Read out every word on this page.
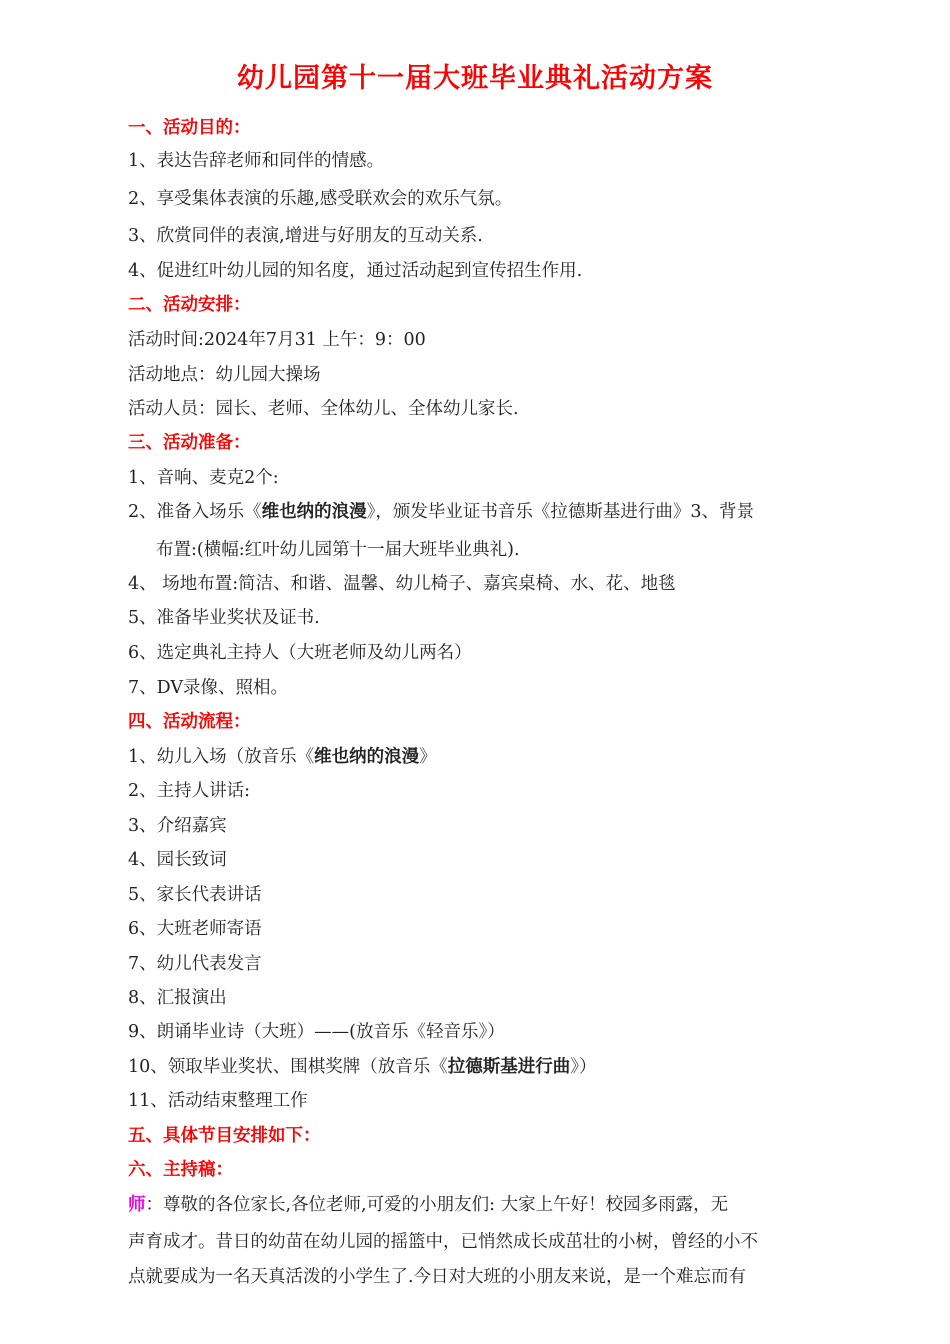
幼儿园第十一届大班毕业典礼活动方案
一、活动目的：
1、表达告辞老师和同伴的情感。
2、享受集体表演的乐趣,感受联欢会的欢乐气氛。
3、欣赏同伴的表演,增进与好朋友的互动关系.
4、促进红叶幼儿园的知名度，通过活动起到宣传招生作用.
二、活动安排：
活动时间:2024年7月31 上午：9：00
活动地点：幼儿园大操场
活动人员：园长、老师、全体幼儿、全体幼儿家长.
三、活动准备：
1、音响、麦克2个:
2、准备入场乐《维也纳的浪漫》，颁发毕业证书音乐《拉德斯基进行曲》3、背景
布置:(横幅:红叶幼儿园第十一届大班毕业典礼).
4、 场地布置:简洁、和谐、温馨、幼儿椅子、嘉宾桌椅、水、花、地毯
5、准备毕业奖状及证书.
6、选定典礼主持人（大班老师及幼儿两名）
7、DV录像、照相。
四、活动流程：
1、幼儿入场（放音乐《维也纳的浪漫》
2、主持人讲话:
3、介绍嘉宾
4、园长致词
5、家长代表讲话
6、大班老师寄语
7、幼儿代表发言
8、汇报演出
9、朗诵毕业诗（大班）——(放音乐《轻音乐》）
10、领取毕业奖状、围棋奖牌（放音乐《拉德斯基进行曲》）
11、活动结束整理工作
五、具体节目安排如下：
六、主持稿：
师：尊敬的各位家长,各位老师,可爱的小朋友们: 大家上午好！校园多雨露，无
声育成才。昔日的幼苗在幼儿园的摇篮中，已悄然成长成茁壮的小树，曾经的小不
点就要成为一名天真活泼的小学生了.今日对大班的小朋友来说，是一个难忘而有
